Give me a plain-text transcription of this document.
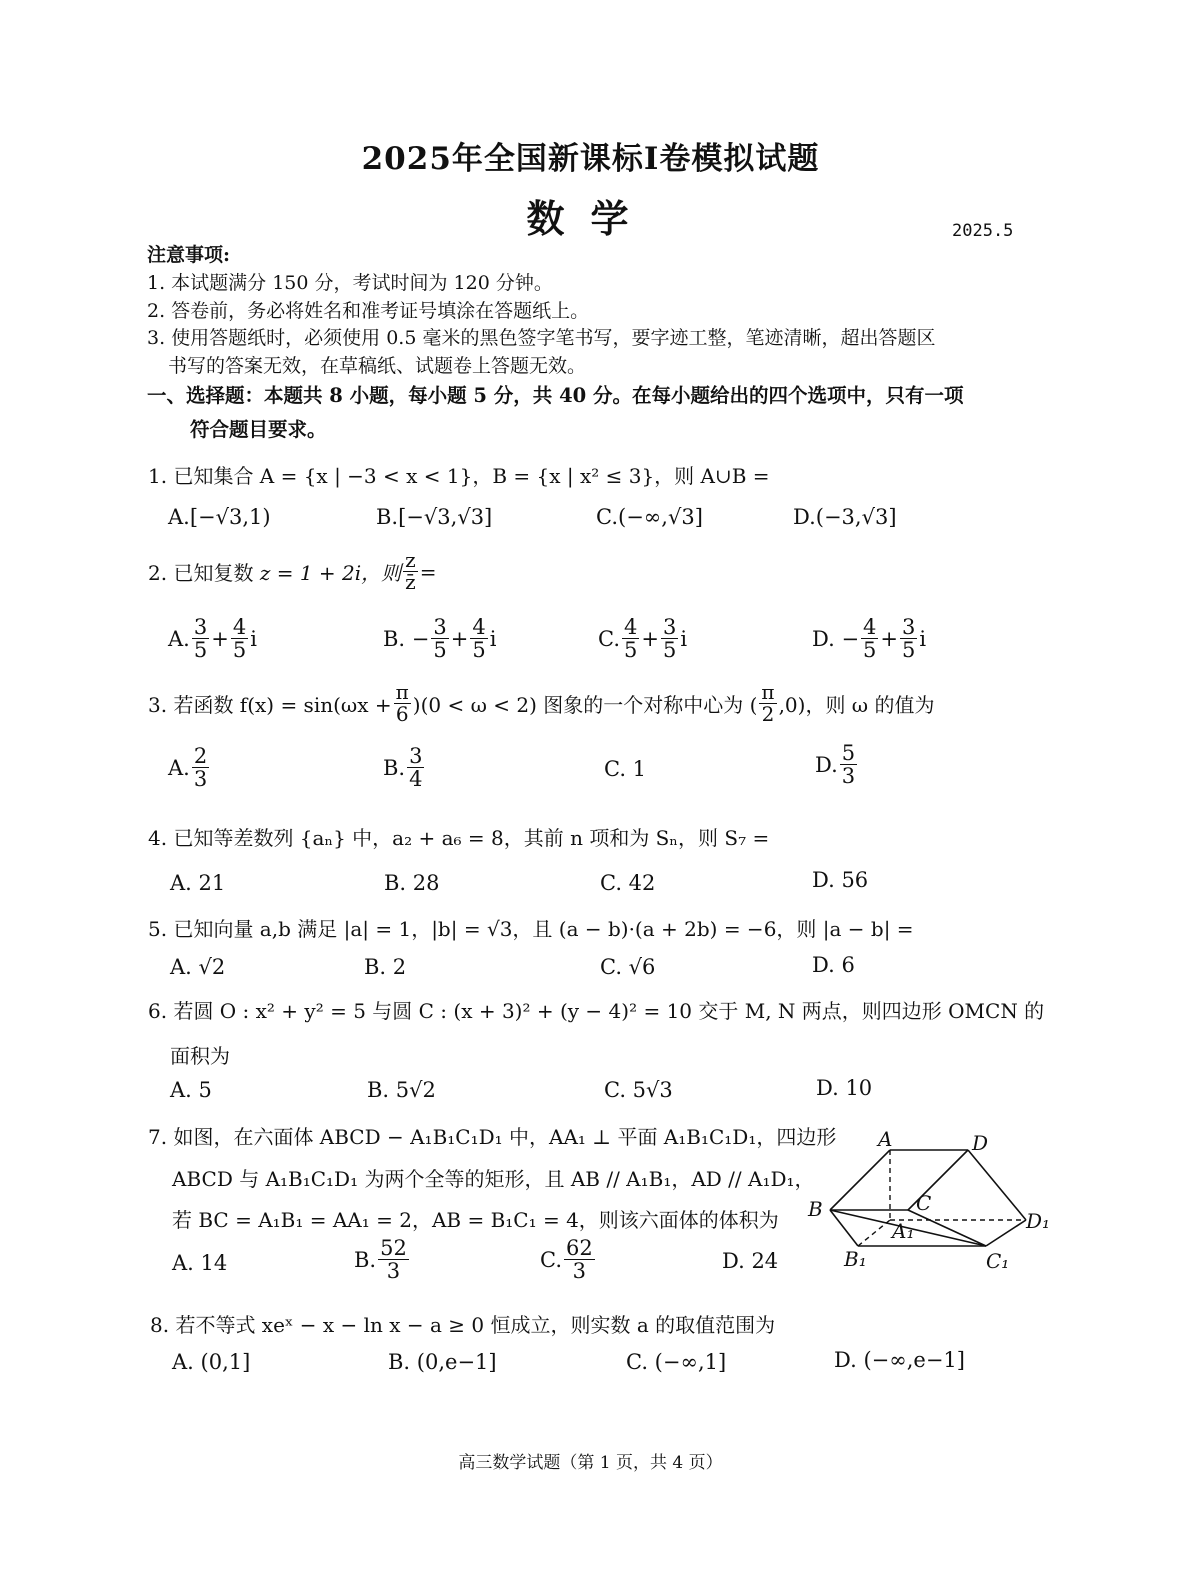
2025年全国新课标Ⅰ卷模拟试题
数学	2025.5
注意事项:
1. 本试题满分 150 分，考试时间为 120 分钟。
2. 答卷前，务必将姓名和准考证号填涂在答题纸上。
3. 使用答题纸时，必须使用 0.5 毫米的黑色签字笔书写，要字迹工整，笔迹清晰，超出答题区
书写的答案无效，在草稿纸、试题卷上答题无效。
一、选择题：本题共 8 小题，每小题 5 分，共 40 分。在每小题给出的四个选项中，只有一项
符合题目要求。
1. 已知集合 A = {x | −3 < x < 1}，B = {x | x² ≤ 3}，则 A∪B =
A.[−√3,1)	B.[−√3,√3]	C.(−∞,√3]	D.(−3,√3]
2. 已知复数
z = 1 + 2i，则 $\frac{z}{z̄}$ =
A. $\frac{3}{5} + \frac{4}{5}$ i	B. − $\frac{3}{5} + \frac{4}{5}$ i	C. $\frac{4}{5} + \frac{3}{5}$ i	D. − $\frac{4}{5} + \frac{3}{5}$ i
3. 若函数 $f(x) = \sin(\omega x + \frac{\pi}{6} )(0 < \omega < 2)$ 图象的一个对称中心为 ( $\frac{\pi}{2} ,0$)，则 ω 的值为
A. $\frac{2}{3}$	B. $\frac{3}{4}$	C. 1	D. $\frac{5}{3}$
4. 已知等差数列 {aₙ} 中，a₂ + a₆ = 8，其前 n 项和为 Sₙ，则 S₇ =
A. 21	B. 28	C. 42	D. 56
5. 已知向量 a,b 满足 |a| = 1，|b| = √3，且 (a − b)·(a + 2b) = −6，则 |a − b| =
A. √2	B. 2	C. √6	D. 6
6. 若圆 O : x² + y² = 5 与圆 C : (x + 3)² + (y − 4)² = 10 交于 M, N 两点，则四边形 OMCN 的
面积为
A. 5	B. 5√2	C. 5√3	D. 10
7. 如图，在六面体 ABCD − A₁B₁C₁D₁ 中，AA₁ ⊥ 平面 A₁B₁C₁D₁，四边形
ABCD 与 A₁B₁C₁D₁ 为两个全等的矩形，且 AB // A₁B₁，AD // A₁D₁，
若 BC = A₁B₁ = AA₁ = 2，AB = B₁C₁ = 4，则该六面体的体积为
A. 14	B. $\frac{52}{3}$	C. $\frac{62}{3}$	D. 24
A	D
B	C
A₁	D₁
B₁	C₁
8. 若不等式 xeˣ − x − ln x − a ≥ 0 恒成立，则实数 a 的取值范围为
A. (0,1]	B. (0,e−1]	C. (−∞,1]	D. (−∞,e−1]
高三数学试题（第 1 页，共 4 页）
